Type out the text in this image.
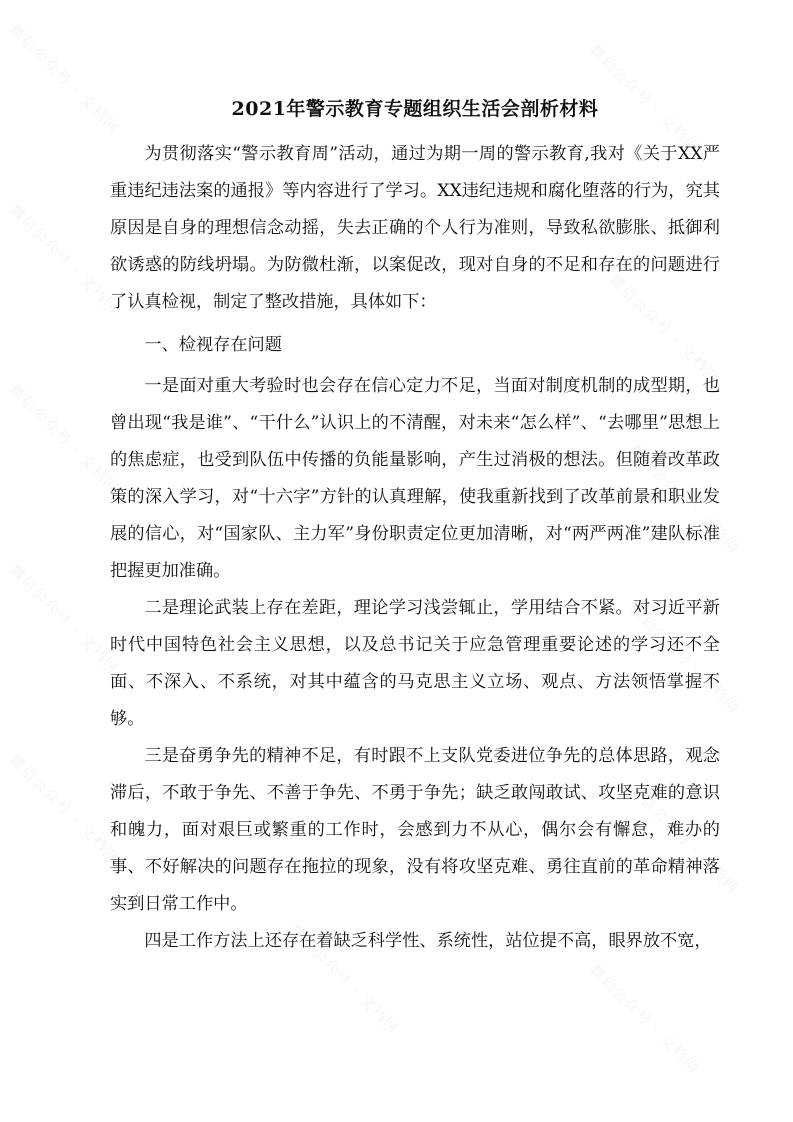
微信公众号 · 文档网	微信公众号 · 文档网
微信公众号 · 文档网
微信公众号 · 文档网
微信公众号 · 文档网
微信公众号 · 文档网
微信公众号 · 文档网	微信公众号 · 文档网
微信公众号 · 文档网	微信公众号 · 文档网
微信公众号 · 文档网	微信公众号 · 文档网
2021年警示教育专题组织生活会剖析材料

为贯彻落实“警示教育周”活动，通过为期一周的警示教育,我对《关于XX严重违纪违法案的通报》等内容进行了学习。XX违纪违规和腐化堕落的行为，究其原因是自身的理想信念动摇，失去正确的个人行为准则，导致私欲膨胀、抵御利欲诱惑的防线坍塌。为防微杜渐，以案促改，现对自身的不足和存在的问题进行了认真检视，制定了整改措施，具体如下：

一、检视存在问题

一是面对重大考验时也会存在信心定力不足，当面对制度机制的成型期，也曾出现“我是谁”、“干什么”认识上的不清醒，对未来“怎么样”、“去哪里”思想上的焦虑症，也受到队伍中传播的负能量影响，产生过消极的想法。但随着改革政策的深入学习，对“十六字”方针的认真理解，使我重新找到了改革前景和职业发展的信心，对“国家队、主力军”身份职责定位更加清晰，对“两严两准”建队标准把握更加准确。

二是理论武装上存在差距，理论学习浅尝辄止，学用结合不紧。对习近平新时代中国特色社会主义思想，以及总书记关于应急管理重要论述的学习还不全面、不深入、不系统，对其中蕴含的马克思主义立场、观点、方法领悟掌握不够。

三是奋勇争先的精神不足，有时跟不上支队党委进位争先的总体思路，观念滞后，不敢于争先、不善于争先、不勇于争先；缺乏敢闯敢试、攻坚克难的意识和魄力，面对艰巨或繁重的工作时，会感到力不从心，偶尔会有懈怠，难办的事、不好解决的问题存在拖拉的现象，没有将攻坚克难、勇往直前的革命精神落实到日常工作中。

四是工作方法上还存在着缺乏科学性、系统性，站位提不高，眼界放不宽，
